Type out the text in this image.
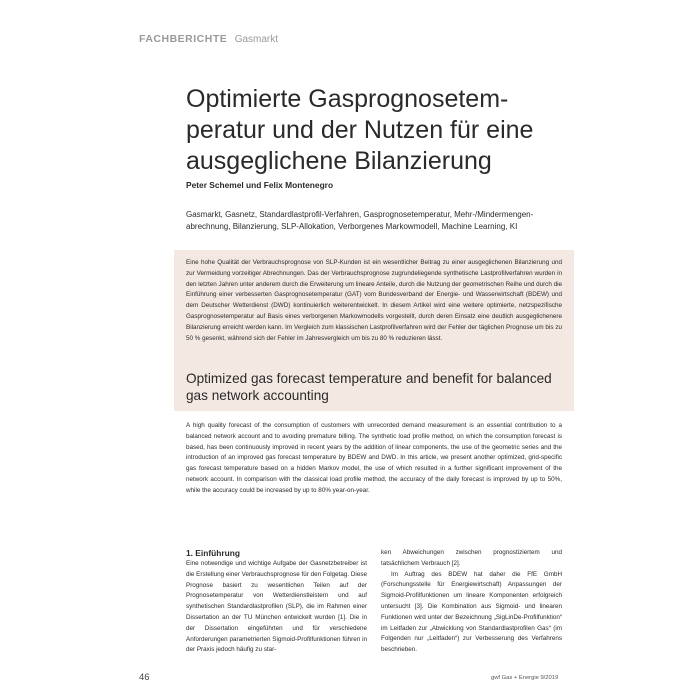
FACHBERICHTE Gasmarkt
Optimierte Gasprognosetemperatur und der Nutzen für eine ausgeglichene Bilanzierung
Peter Schemel und Felix Montenegro
Gasmarkt, Gasnetz, Standardlastprofil-Verfahren, Gasprognosetemperatur, Mehr-/Mindermengenabrechnung, Bilanzierung, SLP-Allokation, Verborgenes Markowmodell, Machine Learning, KI

Eine hohe Qualität der Verbrauchsprognose von SLP-Kunden ist ein wesentlicher Beitrag zu einer ausgeglichenen Bilanzierung und zur Vermeidung vorzeitiger Abrechnungen. Das der Verbrauchsprognose zugrundeliegende synthetische Lastprofilverfahren wurden in den letzten Jahren unter anderem durch die Erweiterung um lineare Anteile, durch die Nutzung der geometrischen Reihe und durch die Einführung einer verbesserten Gasprognosetemperatur (GAT) vom Bundesverband der Energie- und Wasserwirtschaft (BDEW) und dem Deutscher Wetterdienst (DWD) kontinuierlich weiterentwickelt. In diesem Artikel wird eine weitere optimierte, netzspezifische Gasprognosetemperatur auf Basis eines verborgenen Markowmodells vorgestellt, durch deren Einsatz eine deutlich ausgeglichenere Bilanzierung erreicht werden kann. Im Vergleich zum klassischen Lastprofilverfahren wird der Fehler der täglichen Prognose um bis zu 50 % gesenkt, während sich der Fehler im Jahresvergleich um bis zu 80 % reduzieren lässt.

Optimized gas forecast temperature and benefit for balanced gas network accounting

A high quality forecast of the consumption of customers with unrecorded demand measurement is an essential contribution to a balanced network account and to avoiding premature billing. The synthetic load profile method, on which the consumption forecast is based, has been continuously improved in recent years by the addition of linear components, the use of the geometric series and the introduction of an improved gas forecast temperature by BDEW and DWD. In this article, we present another optimized, grid-specific gas forecast temperature based on a hidden Markov model, the use of which resulted in a further significant improvement of the network account. In comparison with the classical load profile method, the accuracy of the daily forecast is improved by up to 50%, while the accuracy could be increased by up to 80% year-on-year.

1. Einführung

Eine notwendige und wichtige Aufgabe der Gasnetzbetreiber ist die Erstellung einer Verbrauchsprognose für den Folgetag. Diese Prognose basiert zu wesentlichen Teilen auf der Prognosetemperatur von Wetterdienstleistern und auf synthetischen Standardlastprofilen (SLP), die im Rahmen einer Dissertation an der TU München entwickelt wurden [1]. Die in der Dissertation eingeführten und für verschiedene Anforderungen parametrierten Sigmoid-Profilfunktionen führen in der Praxis jedoch häufig zu star-

ken Abweichungen zwischen prognostiziertem und tatsächlichem Verbrauch [2].

Im Auftrag des BDEW hat daher die FfE GmbH (Forschungsstelle für Energiewirtschaft) Anpassungen der Sigmoid-Profilfunktionen um lineare Komponenten erfolgreich untersucht [3]. Die Kombination aus Sigmoid- und linearen Funktionen wird unter der Bezeichnung „SigLinDe-Profilfunktion“ im Leitfaden zur „Abwicklung von Standardlastprofilen Gas“ (im Folgenden nur „Leitfaden“) zur Verbesserung des Verfahrens beschrieben.

46	gwf Gas + Energie 9/2019
